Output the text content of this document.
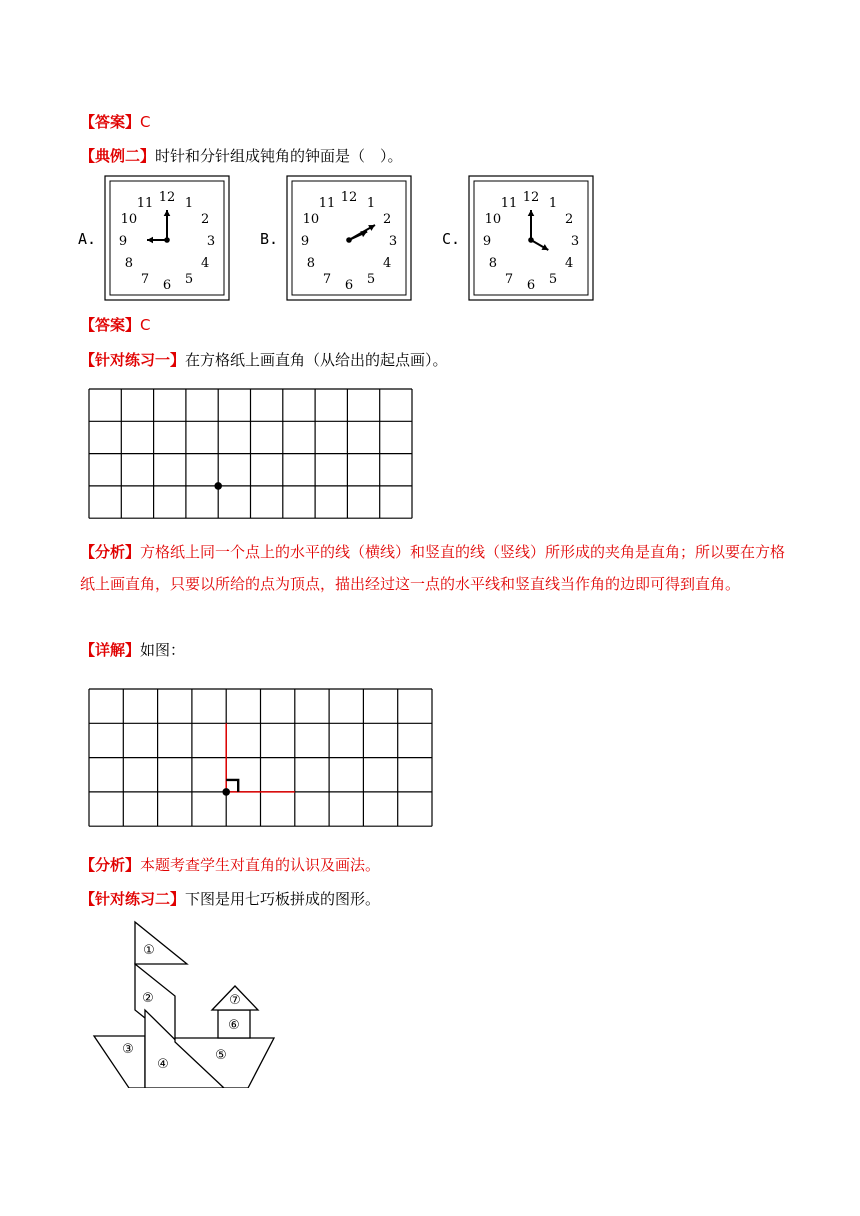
【答案】C
【典例二】时针和分针组成钝角的钟面是（　）。
A.	B.	C.
12 1
2
3
4
5
6
7
8
9
10
11	12 1
2
3
4
5
6
7
8
9
10
11	12 1
2
3
4
5
6
7
8
9
10
11
【答案】C
【针对练习一】在方格纸上画直角（从给出的起点画）。
【分析】方格纸上同一个点上的水平的线（横线）和竖直的线（竖线）所形成的夹角是直角；所以要在方格纸上画直角，只要以所给的点为顶点，描出经过这一点的水平线和竖直线当作角的边即可得到直角。
【详解】如图：
【分析】本题考查学生对直角的认识及画法。
【针对练习二】下图是用七巧板拼成的图形。
①
②
③
④
⑤
⑥
⑦
